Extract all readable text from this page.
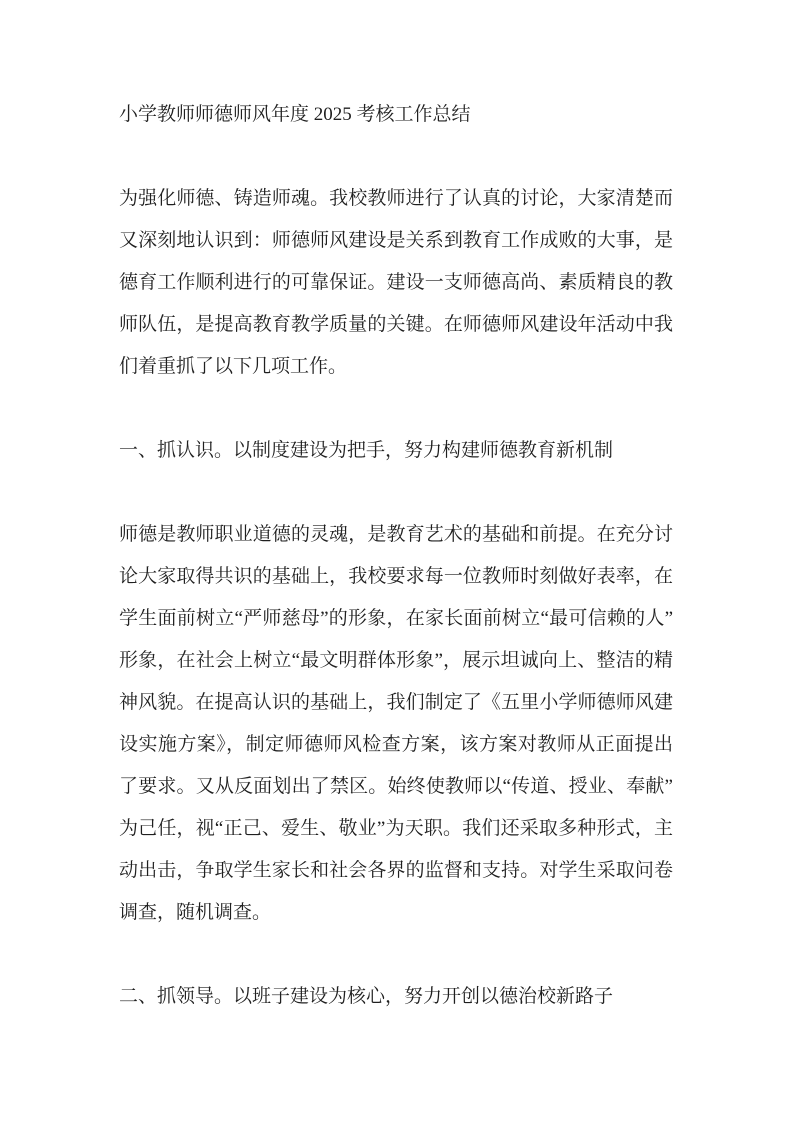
小学教师师德师风年度 2025 考核工作总结

为强化师德、铸造师魂。我校教师进行了认真的讨论，大家清楚而又深刻地认识到：师德师风建设是关系到教育工作成败的大事，是德育工作顺利进行的可靠保证。建设一支师德高尚、素质精良的教师队伍，是提高教育教学质量的关键。在师德师风建设年活动中我们着重抓了以下几项工作。

一、抓认识。以制度建设为把手，努力构建师德教育新机制

师德是教师职业道德的灵魂，是教育艺术的基础和前提。在充分讨论大家取得共识的基础上，我校要求每一位教师时刻做好表率，在学生面前树立“严师慈母”的形象，在家长面前树立“最可信赖的人”形象，在社会上树立“最文明群体形象”，展示坦诚向上、整洁的精神风貌。在提高认识的基础上，我们制定了《五里小学师德师风建设实施方案》，制定师德师风检查方案，该方案对教师从正面提出了要求。又从反面划出了禁区。始终使教师以“传道、授业、奉献”为己任，视“正己、爱生、敬业”为天职。我们还采取多种形式，主动出击，争取学生家长和社会各界的监督和支持。对学生采取问卷调查，随机调查。

二、抓领导。以班子建设为核心，努力开创以德治校新路子
